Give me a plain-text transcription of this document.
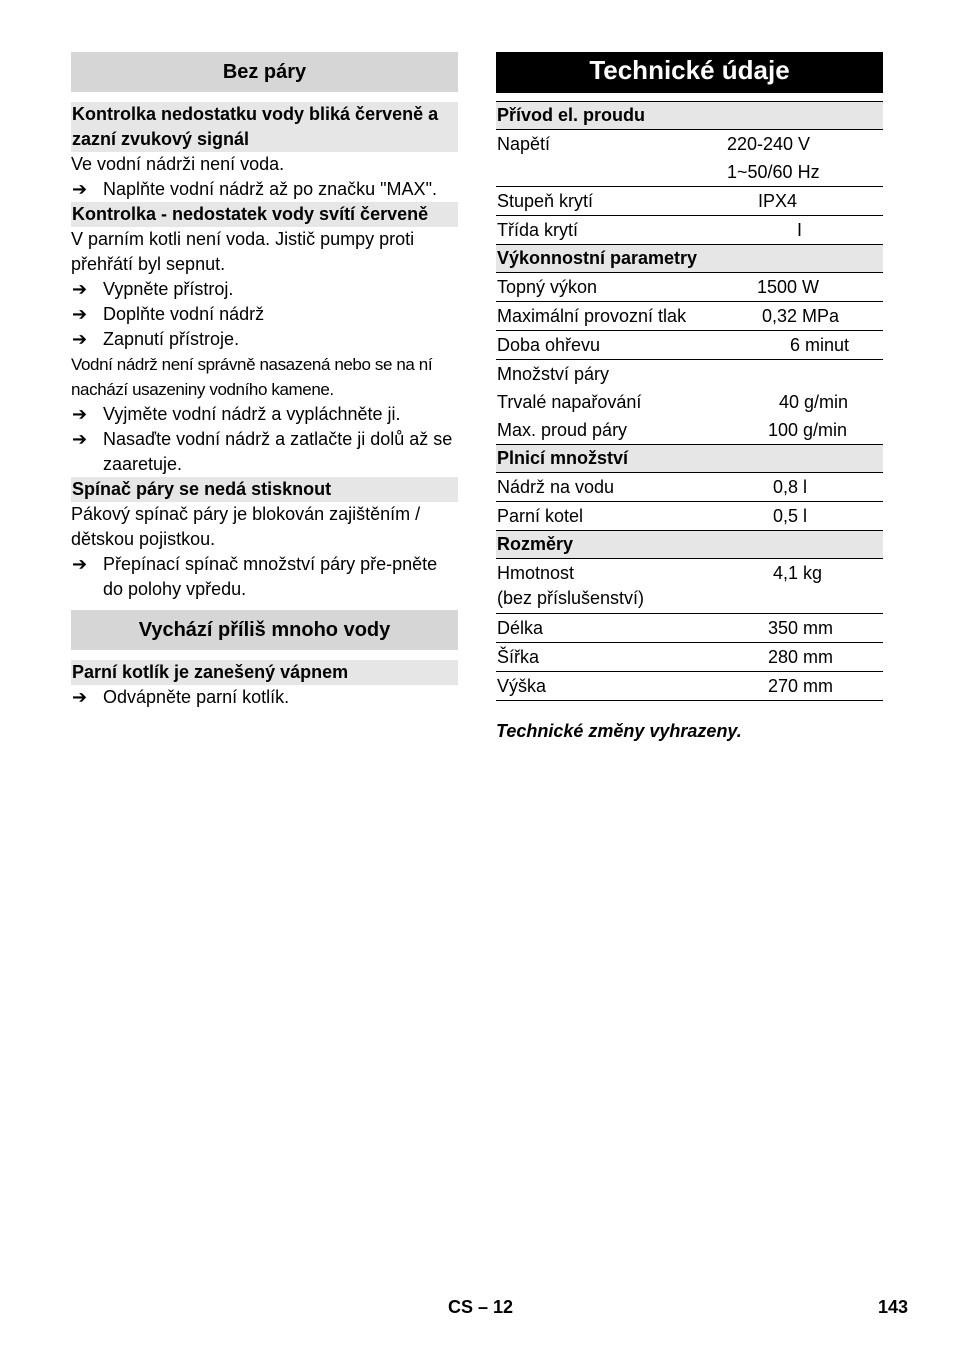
Bez páry
Kontrolka nedostatku vody bliká červeně a zazní zvukový signál
Ve vodní nádrži není voda.
➔ Naplňte vodní nádrž až po značku "MAX".
Kontrolka - nedostatek vody svítí červeně
V parním kotli není voda. Jistič pumpy proti přehřátí byl sepnut.
➔ Vypněte přístroj.
➔ Doplňte vodní nádrž
➔ Zapnutí přístroje.
Vodní nádrž není správně nasazená nebo se na ní nachází usazeniny vodního kamene.
➔ Vyjměte vodní nádrž a vypláchněte ji.
➔ Nasaďte vodní nádrž a zatlačte ji dolů až se zaaretuje.
Spínač páry se nedá stisknout
Pákový spínač páry je blokován zajištěním / dětskou pojistkou.
➔ Přepínací spínač množství páry pře-pněte do polohy vpředu.
Vychází příliš mnoho vody
Parní kotlík je zanešený vápnem
➔ Odvápněte parní kotlík.
Technické údaje
Přívod el. proudu	
Napětí	220-240 V
	1~50/60 Hz
Stupeň krytí	IPX4
Třída krytí	I
Výkonnostní parametry	
Topný výkon	1500 W
Maximální provozní tlak	0,32 MPa
Doba ohřevu	6 minut
Množství páry	
Trvalé napařování	40 g/min
Max. proud páry	100 g/min
Plnicí množství	
Nádrž na vodu	0,8 l
Parní kotel	0,5 l
Rozměry	
Hmotnost
(bez příslušenství)	4,1 kg
Délka	350 mm
Šířka	280 mm
Výška	270 mm
Technické změny vyhrazeny.
CS – 12	143
